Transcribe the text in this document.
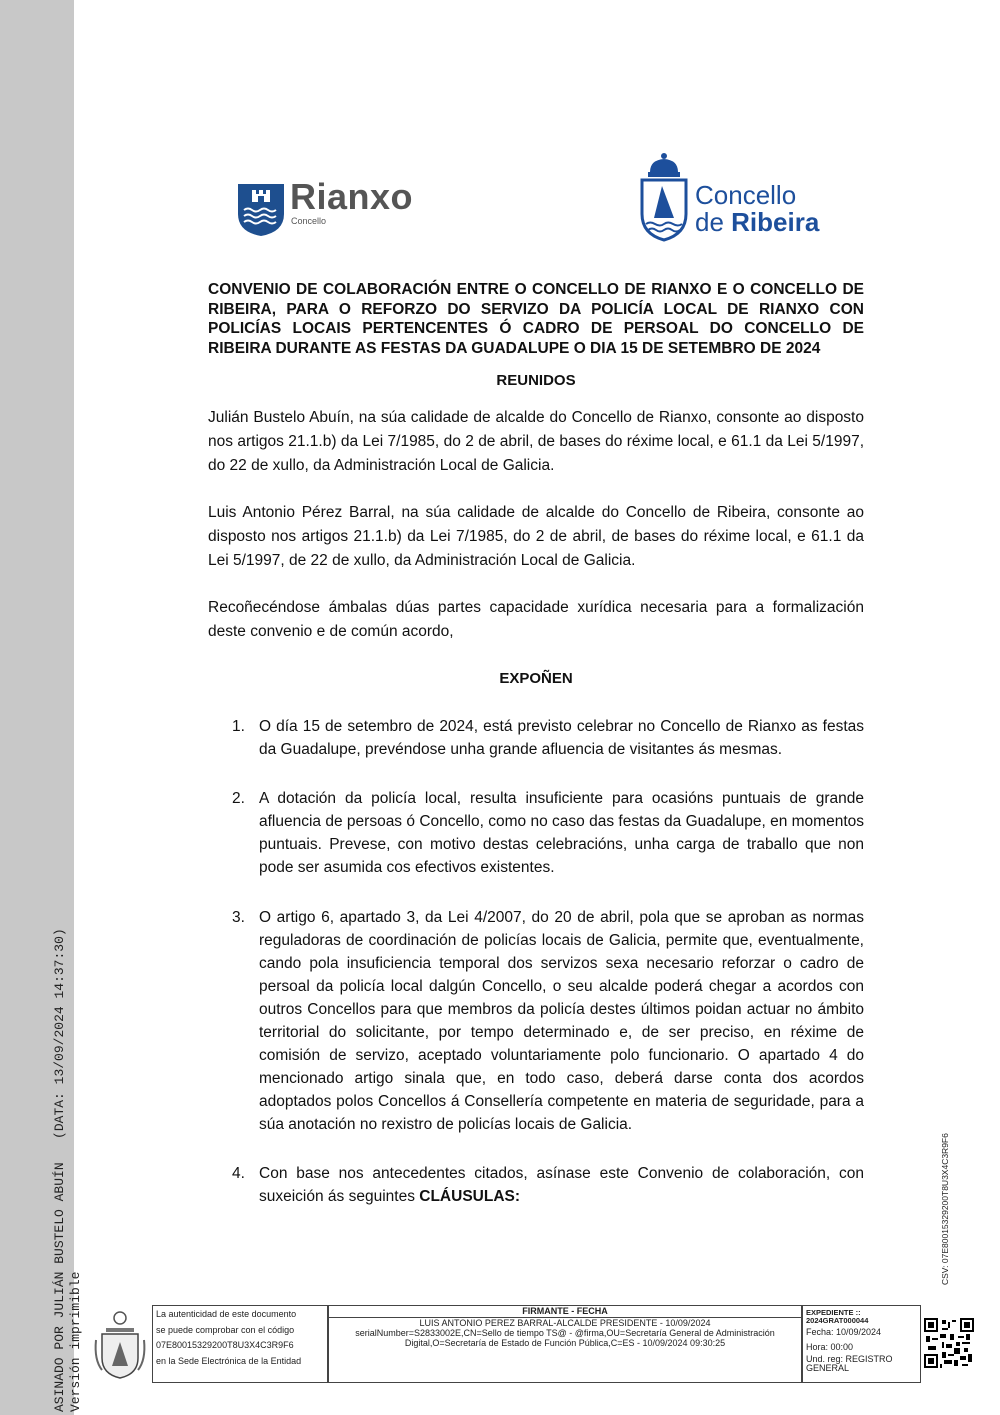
ASINADO POR JULIÁN BUSTELO ABUÍN   (DATA: 13/09/2024 14:37:30) Versión imprimible
Rianxo
Concello
Concello
de Ribeira
CONVENIO DE COLABORACIÓN ENTRE O CONCELLO DE RIANXO E O CONCELLO DE RIBEIRA, PARA O REFORZO DO SERVIZO DA POLICÍA LOCAL DE RIANXO CON POLICÍAS LOCAIS PERTENCENTES Ó CADRO DE PERSOAL DO CONCELLO DE RIBEIRA DURANTE AS FESTAS DA GUADALUPE O DIA 15 DE SETEMBRO DE 2024
REUNIDOS
Julián Bustelo Abuín, na súa calidade de alcalde do Concello de Rianxo, consonte ao disposto nos artigos 21.1.b) da Lei 7/1985, do 2 de abril, de bases do réxime local, e 61.1 da Lei 5/1997, do 22 de xullo, da Administración Local de Galicia.
Luis Antonio Pérez Barral, na súa calidade de alcalde do Concello de Ribeira, consonte ao disposto nos artigos 21.1.b) da Lei 7/1985, do 2 de abril, de bases do réxime local, e 61.1 da Lei 5/1997, de 22 de xullo, da Administración Local de Galicia.
Recoñecéndose ámbalas dúas partes capacidade xurídica necesaria para a formalización deste convenio e de común acordo,
EXPOÑEN
1. O día 15 de setembro de 2024, está previsto celebrar no Concello de Rianxo as festas da Guadalupe, prevéndose unha grande afluencia de visitantes ás mesmas.
2. A dotación da policía local, resulta insuficiente para ocasións puntuais de grande afluencia de persoas ó Concello, como no caso das festas da Guadalupe, en momentos puntuais. Prevese, con motivo destas celebracións, unha carga de traballo que non pode ser asumida cos efectivos existentes.
3. O artigo 6, apartado 3, da Lei 4/2007, do 20 de abril, pola que se aproban as normas reguladoras de coordinación de policías locais de Galicia, permite que, eventualmente, cando pola insuficiencia temporal dos servizos sexa necesario reforzar o cadro de persoal da policía local dalgún Concello, o seu alcalde poderá chegar a acordos con outros Concellos para que membros da policía destes últimos poidan actuar no ámbito territorial do solicitante, por tempo determinado e, de ser preciso, en réxime de comisión de servizo, aceptado voluntariamente polo funcionario. O apartado 4 do mencionado artigo sinala que, en todo caso, deberá darse conta dos acordos adoptados polos Concellos á Consellería competente en materia de seguridade, para a súa anotación no rexistro de policías locais de Galicia.
4. Con base nos antecedentes citados, asínase este Convenio de colaboración, con suxeición ás seguintes CLÁUSULAS:	CSV: 07E80015329200T8U3X4C3R9F6
La autenticidad de este documento
se puede comprobar con el código
07E80015329200T8U3X4C3R9F6
en la Sede Electrónica de la Entidad
FIRMANTE - FECHA
LUIS ANTONIO PEREZ BARRAL-ALCALDE PRESIDENTE - 10/09/2024
serialNumber=S2833002E,CN=Sello de tiempo TS@ - @firma,OU=Secretaría General de Administración
Digital,O=Secretaría de Estado de Función Pública,C=ES - 10/09/2024 09:30:25
EXPEDIENTE ::
2024GRAT000044
Fecha: 10/09/2024
Hora: 00:00
Und. reg: REGISTRO GENERAL
